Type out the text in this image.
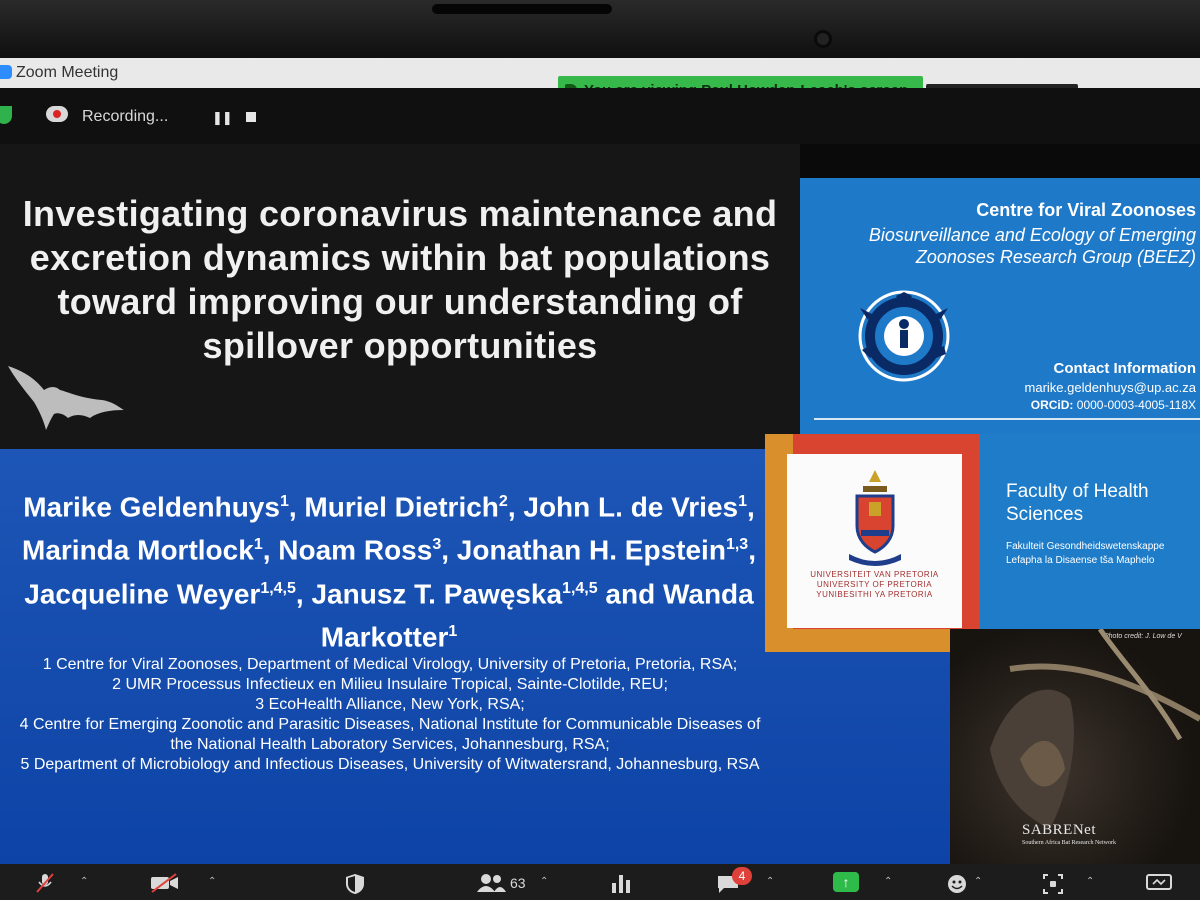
Zoom Meeting
Recording...	❚❚
Investigating coronavirus maintenance and excretion dynamics within bat populations toward improving our understanding of spillover opportunities
Centre for Viral Zoonoses
Biosurveillance and Ecology of Emerging Zoonoses Research Group (BEEZ)
Contact Information
marike.geldenhuys@up.ac.za
ORCiD: 0000-0003-4005-118X
Marike Geldenhuys$^1$, Muriel Dietrich$^2$, John L. de Vries$^1$, Marinda Mortlock$^1$, Noam Ross$^3$, Jonathan H. Epstein$^{1,3}$, Jacqueline Weyer$^{1,4,5}$, Janusz T. Pawęska$^{1,4,5}$ and Wanda Markotter$^1$
1 Centre for Viral Zoonoses, Department of Medical Virology, University of Pretoria, Pretoria, RSA;
2 UMR Processus Infectieux en Milieu Insulaire Tropical, Sainte-Clotilde, REU;
3 EcoHealth Alliance, New York, RSA;
4 Centre for Emerging Zoonotic and Parasitic Diseases, National Institute for Communicable Diseases of the National Health Laboratory Services, Johannesburg, RSA;
5 Department of Microbiology and Infectious Diseases, University of Witwatersrand, Johannesburg, RSA
UNIVERSITEIT VAN PRETORIA
UNIVERSITY OF PRETORIA
YUNIBESITHI YA PRETORIA
Faculty of Health Sciences
Fakulteit Gesondheidswetenskappe
Lefapha la Disaense tša Maphelo
Photo credit: J. Low de V
SABRENet
Southern Africa Bat Research Network
⌃	⌃	63 ⌃	4	⌃	↑	⌃	⌃	⌃
